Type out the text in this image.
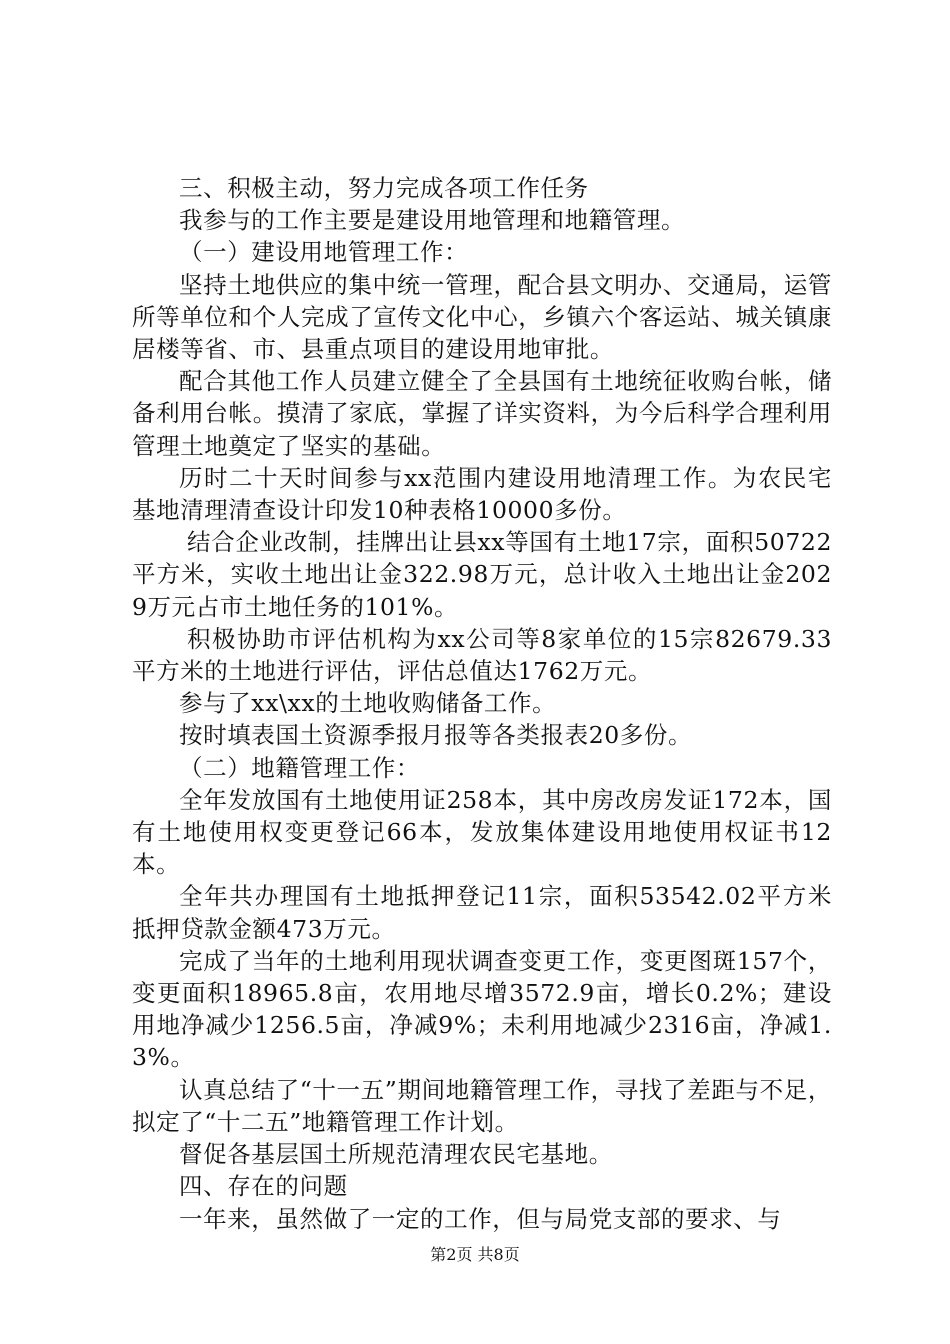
三、积极主动，努力完成各项工作任务

我参与的工作主要是建设用地管理和地籍管理。

（一）建设用地管理工作：

坚持土地供应的集中统一管理，配合县文明办、交通局，运管所等单位和个人完成了宣传文化中心，乡镇六个客运站、城关镇康居楼等省、市、县重点项目的建设用地审批。

配合其他工作人员建立健全了全县国有土地统征收购台帐，储备利用台帐。摸清了家底，掌握了详实资料，为今后科学合理利用管理土地奠定了坚实的基础。

历时二十天时间参与xx范围内建设用地清理工作。为农民宅基地清理清查设计印发10种表格10000多份。

结合企业改制，挂牌出让县xx等国有土地17宗，面积50722平方米，实收土地出让金322.98万元，总计收入土地出让金2029万元占市土地任务的101%。

积极协助市评估机构为xx公司等8家单位的15宗82679.33平方米的土地进行评估，评估总值达1762万元。

参与了xx\xx的土地收购储备工作。

按时填表国土资源季报月报等各类报表20多份。

（二）地籍管理工作：

全年发放国有土地使用证258本，其中房改房发证172本，国有土地使用权变更登记66本，发放集体建设用地使用权证书12本。

全年共办理国有土地抵押登记11宗，面积53542.02平方米抵押贷款金额473万元。

完成了当年的土地利用现状调查变更工作，变更图斑157个，变更面积18965.8亩，农用地尽增3572.9亩，增长0.2%；建设用地净减少1256.5亩，净减9%；未利用地减少2316亩，净减1.3%。

认真总结了“十一五”期间地籍管理工作，寻找了差距与不足，拟定了“十二五”地籍管理工作计划。

督促各基层国土所规范清理农民宅基地。

四、存在的问题

一年来，虽然做了一定的工作，但与局党支部的要求、与

第2页 共8页
